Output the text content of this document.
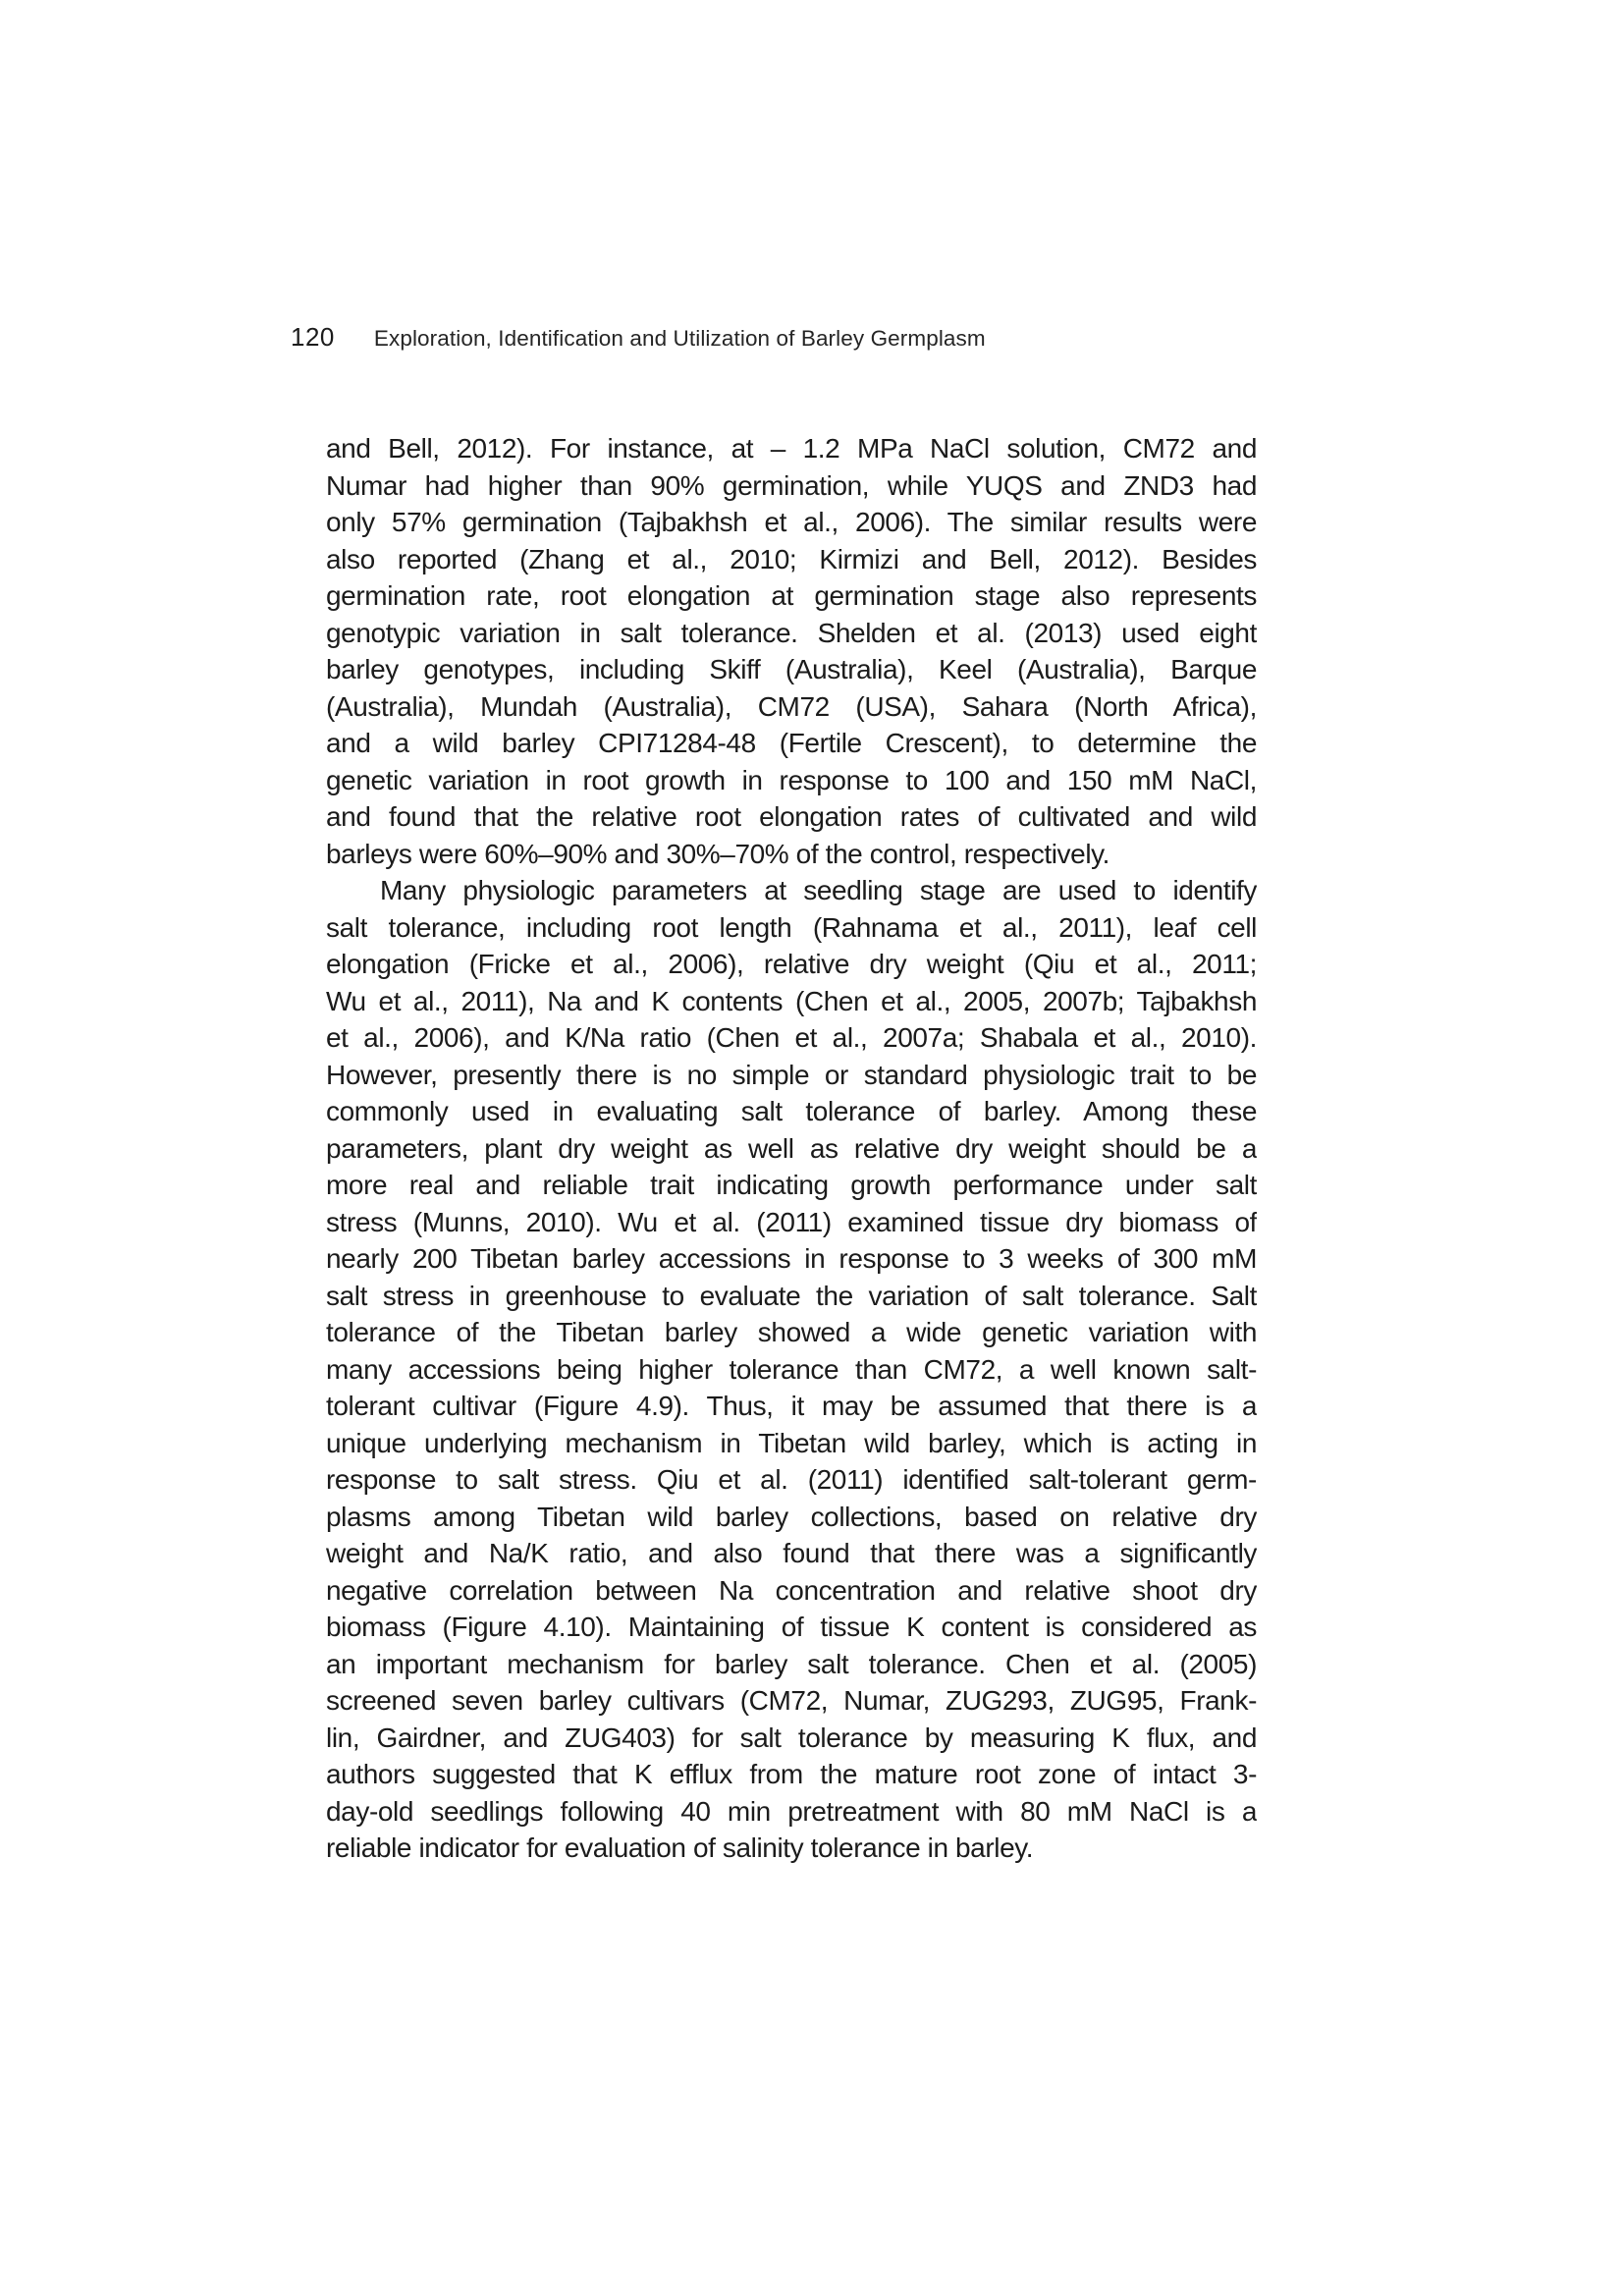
120 Exploration, Identification and Utilization of Barley Germplasm
and Bell, 2012). For instance, at – 1.2 MPa NaCl solution, CM72 and
Numar had higher than 90% germination, while YUQS and ZND3 had
only 57% germination (Tajbakhsh et al., 2006). The similar results were
also reported (Zhang et al., 2010; Kirmizi and Bell, 2012). Besides
germination rate, root elongation at germination stage also represents
genotypic variation in salt tolerance. Shelden et al. (2013) used eight
barley genotypes, including Skiff (Australia), Keel (Australia), Barque
(Australia), Mundah (Australia), CM72 (USA), Sahara (North Africa),
and a wild barley CPI71284-48 (Fertile Crescent), to determine the
genetic variation in root growth in response to 100 and 150 mM NaCl,
and found that the relative root elongation rates of cultivated and wild
barleys were 60%–90% and 30%–70% of the control, respectively.
Many physiologic parameters at seedling stage are used to identify
salt tolerance, including root length (Rahnama et al., 2011), leaf cell
elongation (Fricke et al., 2006), relative dry weight (Qiu et al., 2011;
Wu et al., 2011), Na and K contents (Chen et al., 2005, 2007b; Tajbakhsh
et al., 2006), and K/Na ratio (Chen et al., 2007a; Shabala et al., 2010).
However, presently there is no simple or standard physiologic trait to be
commonly used in evaluating salt tolerance of barley. Among these
parameters, plant dry weight as well as relative dry weight should be a
more real and reliable trait indicating growth performance under salt
stress (Munns, 2010). Wu et al. (2011) examined tissue dry biomass of
nearly 200 Tibetan barley accessions in response to 3 weeks of 300 mM
salt stress in greenhouse to evaluate the variation of salt tolerance. Salt
tolerance of the Tibetan barley showed a wide genetic variation with
many accessions being higher tolerance than CM72, a well known salt-
tolerant cultivar (Figure 4.9). Thus, it may be assumed that there is a
unique underlying mechanism in Tibetan wild barley, which is acting in
response to salt stress. Qiu et al. (2011) identified salt-tolerant germ-
plasms among Tibetan wild barley collections, based on relative dry
weight and Na/K ratio, and also found that there was a significantly
negative correlation between Na concentration and relative shoot dry
biomass (Figure 4.10). Maintaining of tissue K content is considered as
an important mechanism for barley salt tolerance. Chen et al. (2005)
screened seven barley cultivars (CM72, Numar, ZUG293, ZUG95, Frank-
lin, Gairdner, and ZUG403) for salt tolerance by measuring K flux, and
authors suggested that K efflux from the mature root zone of intact 3-
day-old seedlings following 40 min pretreatment with 80 mM NaCl is a
reliable indicator for evaluation of salinity tolerance in barley.
